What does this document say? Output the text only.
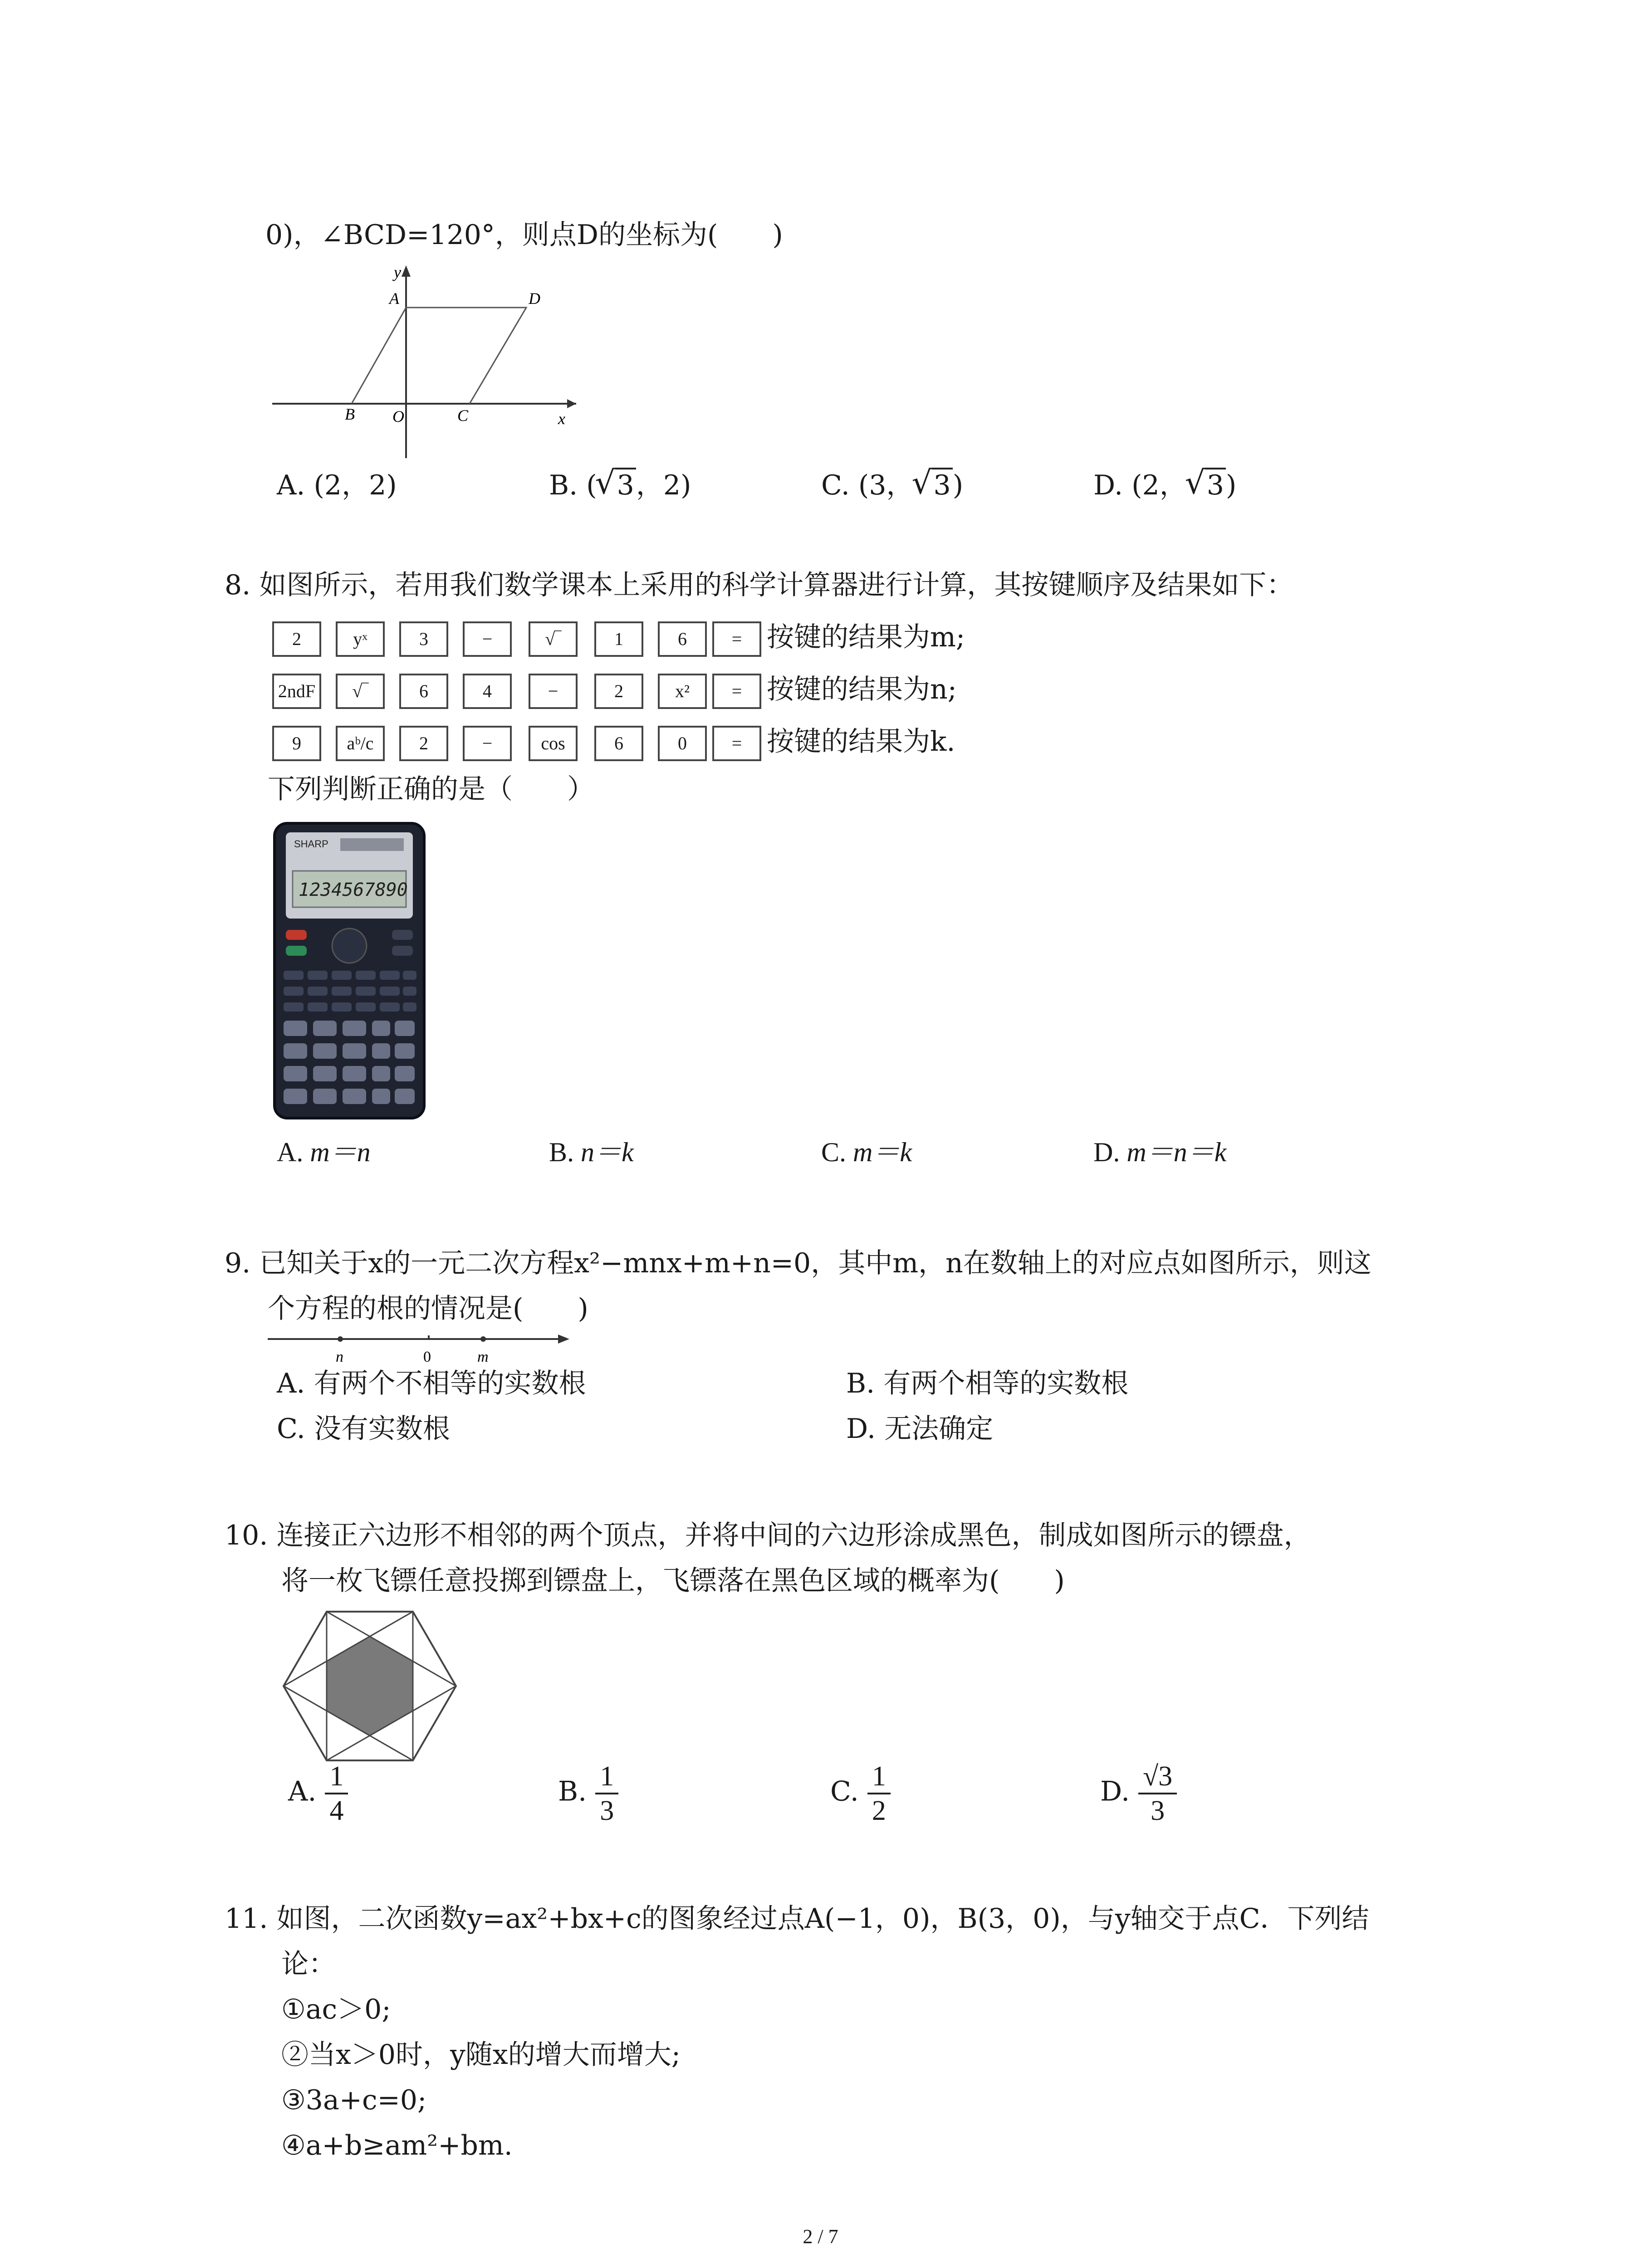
0)，∠BCD=120°，则点D的坐标为(　　)
y
x
A
B O	C
D
A. (2，2)	B. ( √ 3，2)	C. (3， √ 3)	D. (2， √ 3)
8. 如图所示，若用我们数学课本上采用的科学计算器进行计算，其按键顺序及结果如下：
2	yˣ	3	−	√‾	1	6	= 按键的结果为m;
2ndF	√‾	6	4	−	2	x²	= 按键的结果为n;
9	aᵇ/c	2	−	cos	6	0	= 按键的结果为k.
下列判断正确的是（　　）
SHARP
1234567890
A. m＝n	B. n＝k	C. m＝k	D. m＝n＝k
9. 已知关于x的一元二次方程x²−mnx+m+n=0，其中m，n在数轴上的对应点如图所示，则这
个方程的根的情况是(　　)
n	0	m
A. 有两个不相等的实数根	B. 有两个相等的实数根
C. 没有实数根	D. 无法确定
10. 连接正六边形不相邻的两个顶点，并将中间的六边形涂成黑色，制成如图所示的镖盘，
将一枚飞镖任意投掷到镖盘上，飞镖落在黑色区域的概率为(　　)
A. $\frac{1}{4}$	B. $\frac{1}{3}$	C. $\frac{1}{2}$	D. $\frac{√3}{3}$
11. 如图，二次函数y=ax²+bx+c的图象经过点A(−1，0)，B(3，0)，与y轴交于点C．下列结
论：
①ac＞0;
②当x＞0时，y随x的增大而增大;
③3a+c=0;
④a+b≥am²+bm.
2 / 7
